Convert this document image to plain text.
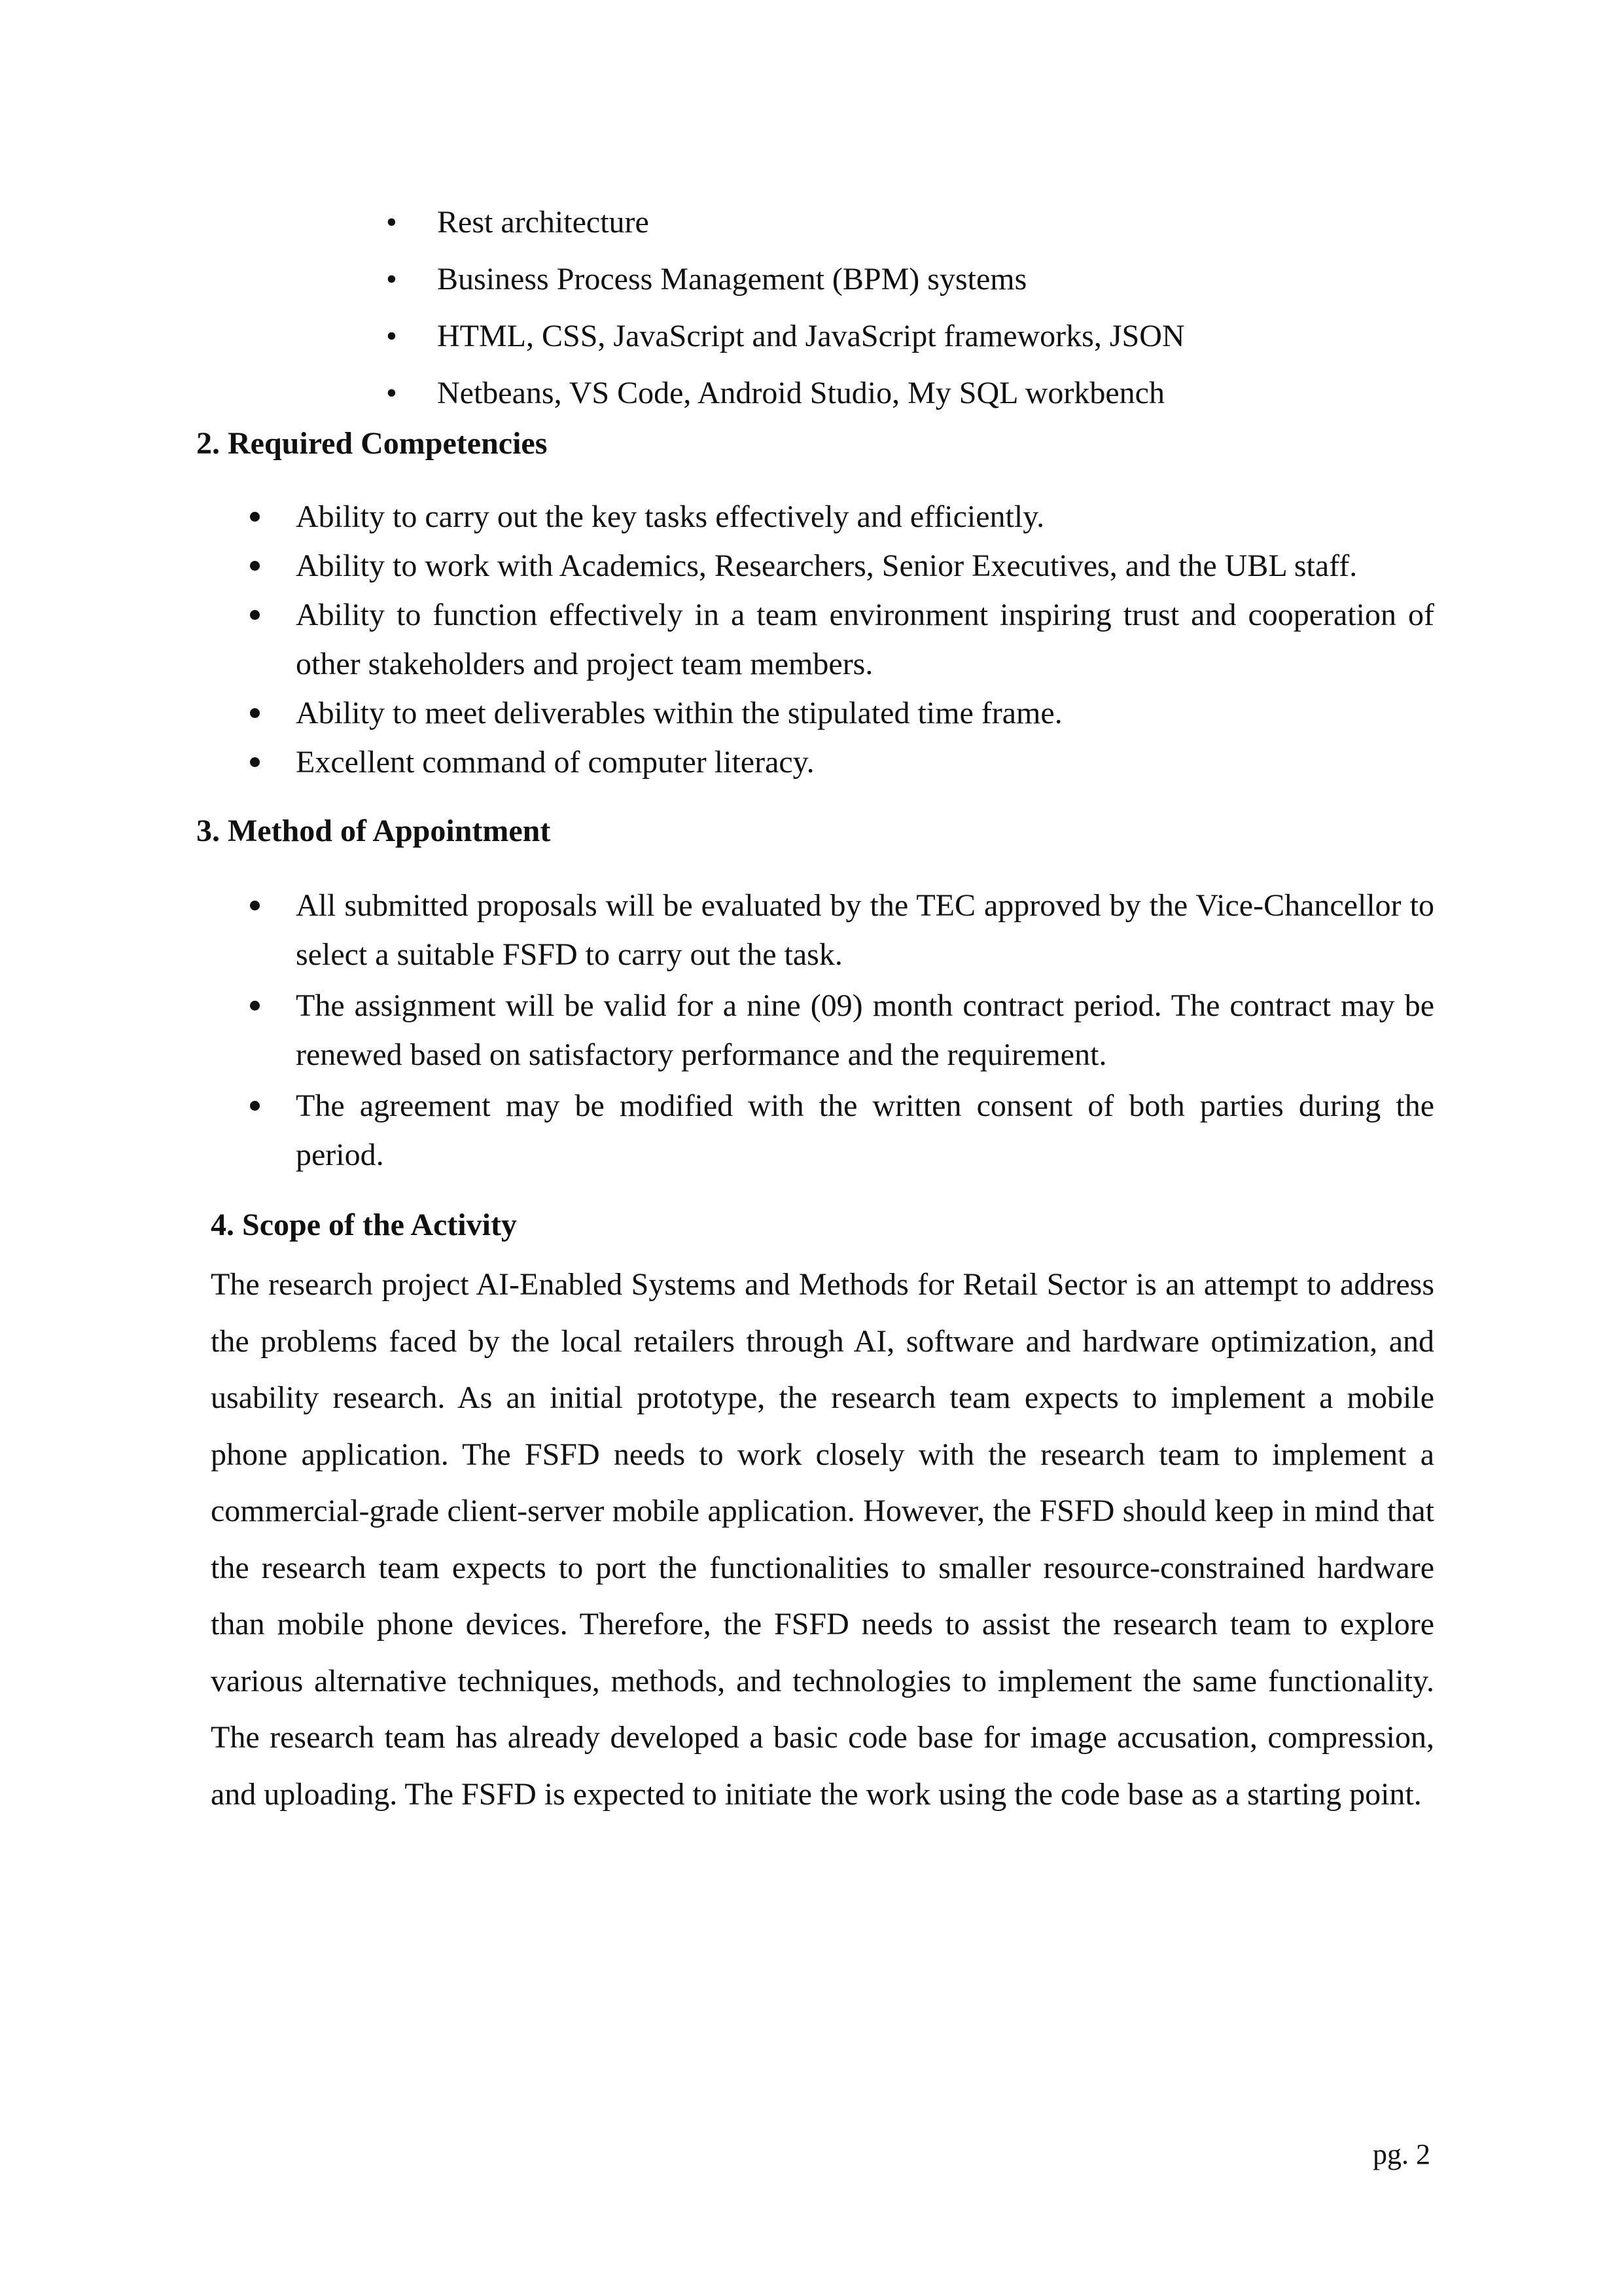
• Rest architecture
• Business Process Management (BPM) systems
• HTML, CSS, JavaScript and JavaScript frameworks, JSON
• Netbeans, VS Code, Android Studio, My SQL workbench
2. Required Competencies
Ability to carry out the key tasks effectively and efficiently.
Ability to work with Academics, Researchers, Senior Executives, and the UBL staff.
Ability to function effectively in a team environment inspiring trust and cooperation of other stakeholders and project team members.
Ability to meet deliverables within the stipulated time frame.
Excellent command of computer literacy.
3. Method of Appointment
All submitted proposals will be evaluated by the TEC approved by the Vice-Chancellor to select a suitable FSFD to carry out the task.
The assignment will be valid for a nine (09) month contract period. The contract may be renewed based on satisfactory performance and the requirement.
The agreement may be modified with the written consent of both parties during the period.
4. Scope of the Activity

The research project AI-Enabled Systems and Methods for Retail Sector is an attempt to address the problems faced by the local retailers through AI, software and hardware optimization, and usability research. As an initial prototype, the research team expects to implement a mobile phone application. The FSFD needs to work closely with the research team to implement a commercial-grade client-server mobile application. However, the FSFD should keep in mind that the research team expects to port the functionalities to smaller resource-constrained hardware than mobile phone devices. Therefore, the FSFD needs to assist the research team to explore various alternative techniques, methods, and technologies to implement the same functionality. The research team has already developed a basic code base for image accusation, compression, and uploading. The FSFD is expected to initiate the work using the code base as a starting point.

pg. 2
